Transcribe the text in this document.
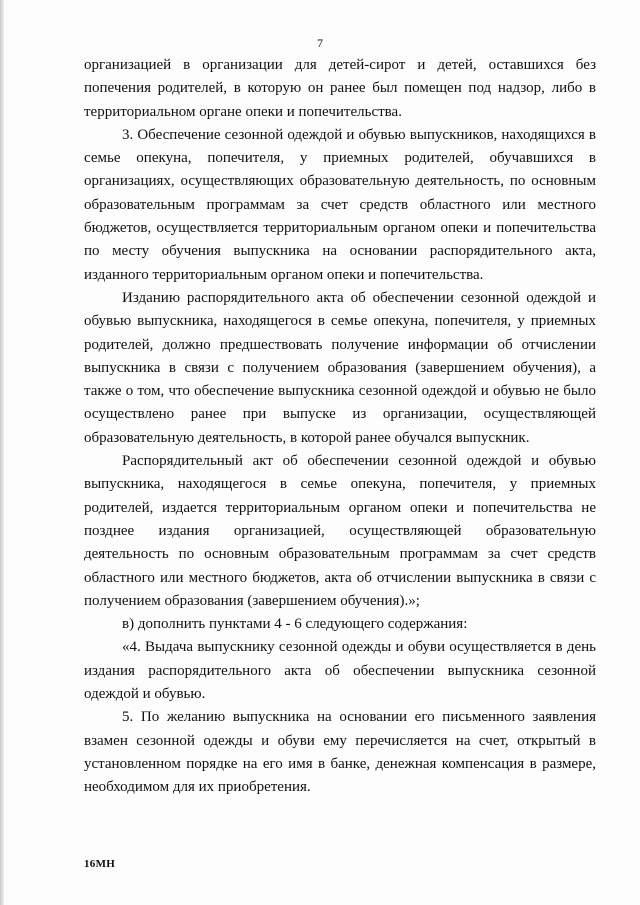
7

организацией в организации для детей-сирот и детей, оставшихся без попечения родителей, в которую он ранее был помещен под надзор, либо в территориальном органе опеки и попечительства.

3. Обеспечение сезонной одеждой и обувью выпускников, находящихся в семье опекуна, попечителя, у приемных родителей, обучавшихся в организациях, осуществляющих образовательную деятельность, по основным образовательным программам за счет средств областного или местного бюджетов, осуществляется территориальным органом опеки и попечительства по месту обучения выпускника на основании распорядительного акта, изданного территориальным органом опеки и попечительства.

Изданию распорядительного акта об обеспечении сезонной одеждой и обувью выпускника, находящегося в семье опекуна, попечителя, у приемных родителей, должно предшествовать получение информации об отчислении выпускника в связи с получением образования (завершением обучения), а также о том, что обеспечение выпускника сезонной одеждой и обувью не было осуществлено ранее при выпуске из организации, осуществляющей образовательную деятельность, в которой ранее обучался выпускник.

Распорядительный акт об обеспечении сезонной одеждой и обувью выпускника, находящегося в семье опекуна, попечителя, у приемных родителей, издается территориальным органом опеки и попечительства не позднее издания организацией, осуществляющей образовательную деятельность по основным образовательным программам за счет средств областного или местного бюджетов, акта об отчислении выпускника в связи с получением образования (завершением обучения).»;

в) дополнить пунктами 4 - 6 следующего содержания:

«4. Выдача выпускнику сезонной одежды и обуви осуществляется в день издания распорядительного акта об обеспечении выпускника сезонной одеждой и обувью.

5. По желанию выпускника на основании его письменного заявления взамен сезонной одежды и обуви ему перечисляется на счет, открытый в установленном порядке на его имя в банке, денежная компенсация в размере, необходимом для их приобретения.

16МН
